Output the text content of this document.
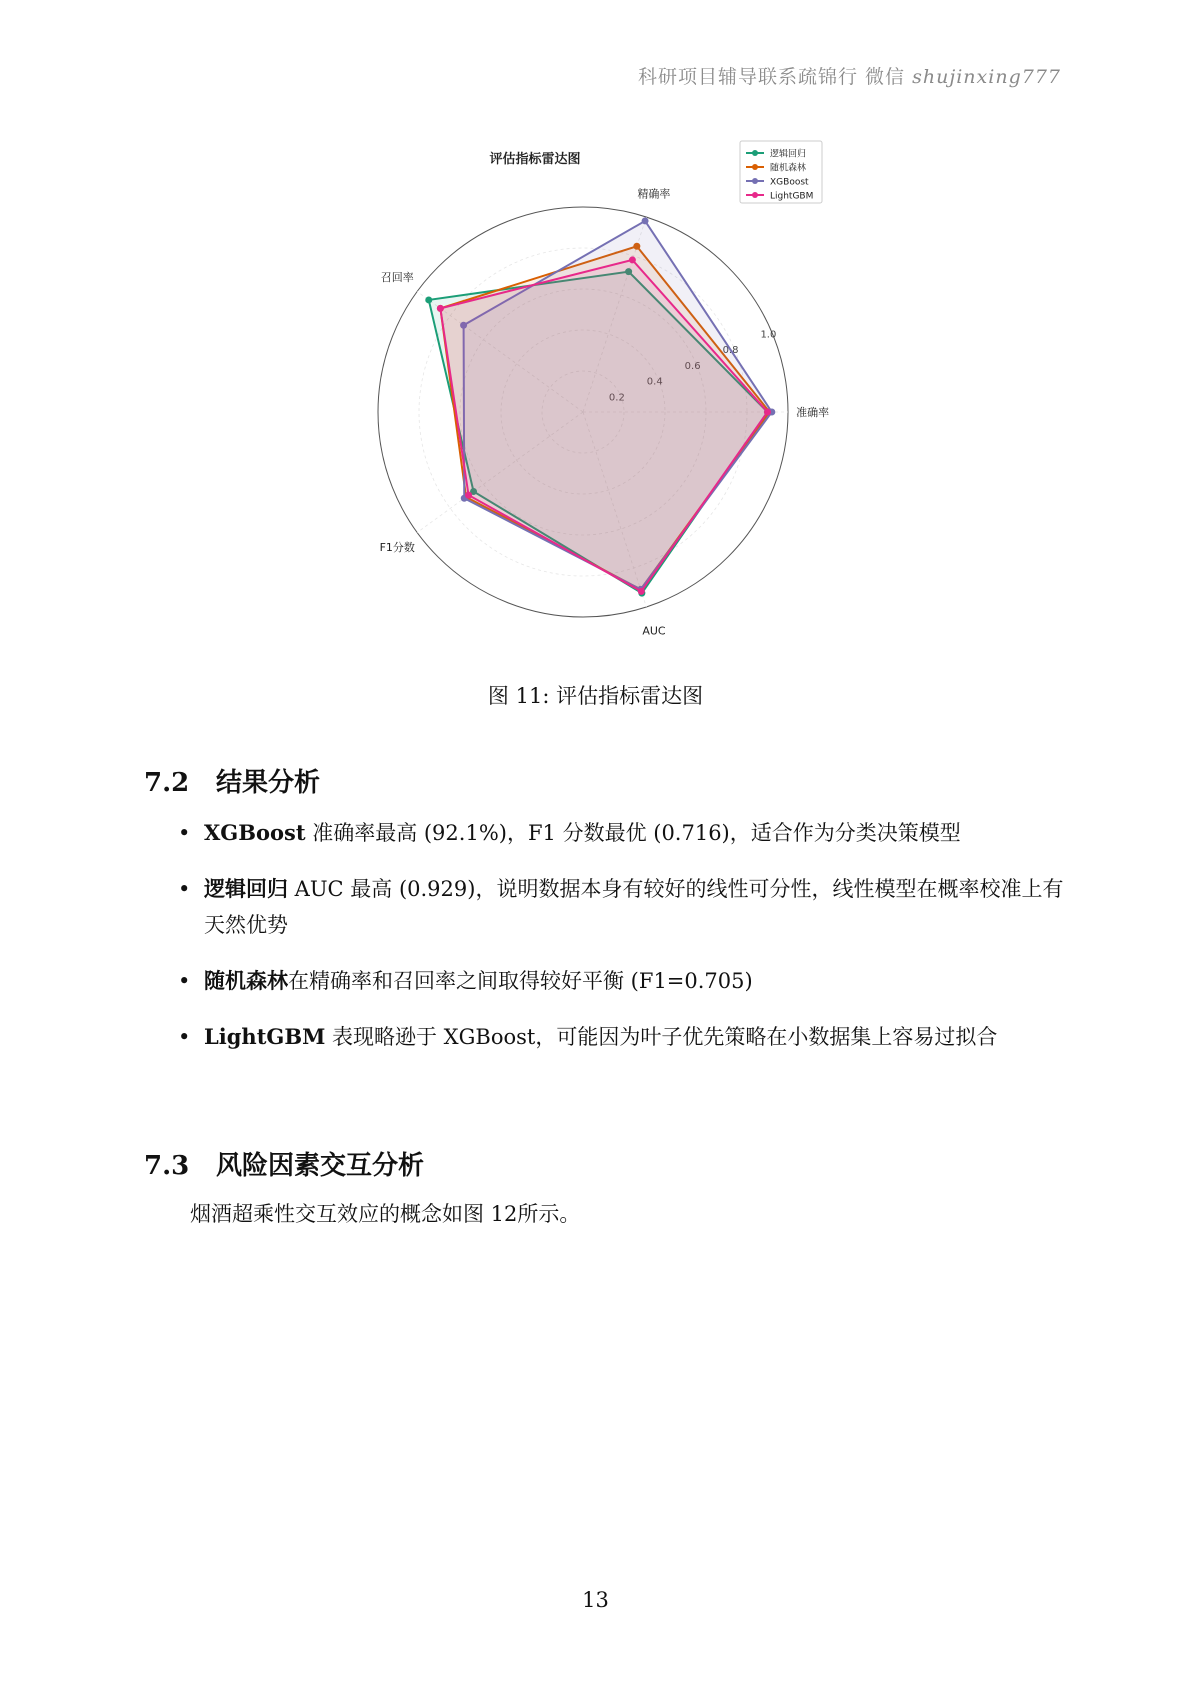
科研项目辅导联系疏锦行 微信 shujinxing777
评估指标雷达图
0.2
0.4
0.6
0.8
1.0
准确率
精确率
召回率
F1分数
AUC
逻辑回归
随机森林
XGBoost
LightGBM
图 11: 评估指标雷达图
7.2 结果分析
• XGBoost 准确率最高 (92.1%)，F1 分数最优 (0.716)，适合作为分类决策模型
• 逻辑回归 AUC 最高 (0.929)，说明数据本身有较好的线性可分性，线性模型在概率校准上有天然优势
• 随机森林在精确率和召回率之间取得较好平衡 (F1=0.705)
• LightGBM 表现略逊于 XGBoost，可能因为叶子优先策略在小数据集上容易过拟合
7.3 风险因素交互分析
烟酒超乘性交互效应的概念如图 12所示。
13
